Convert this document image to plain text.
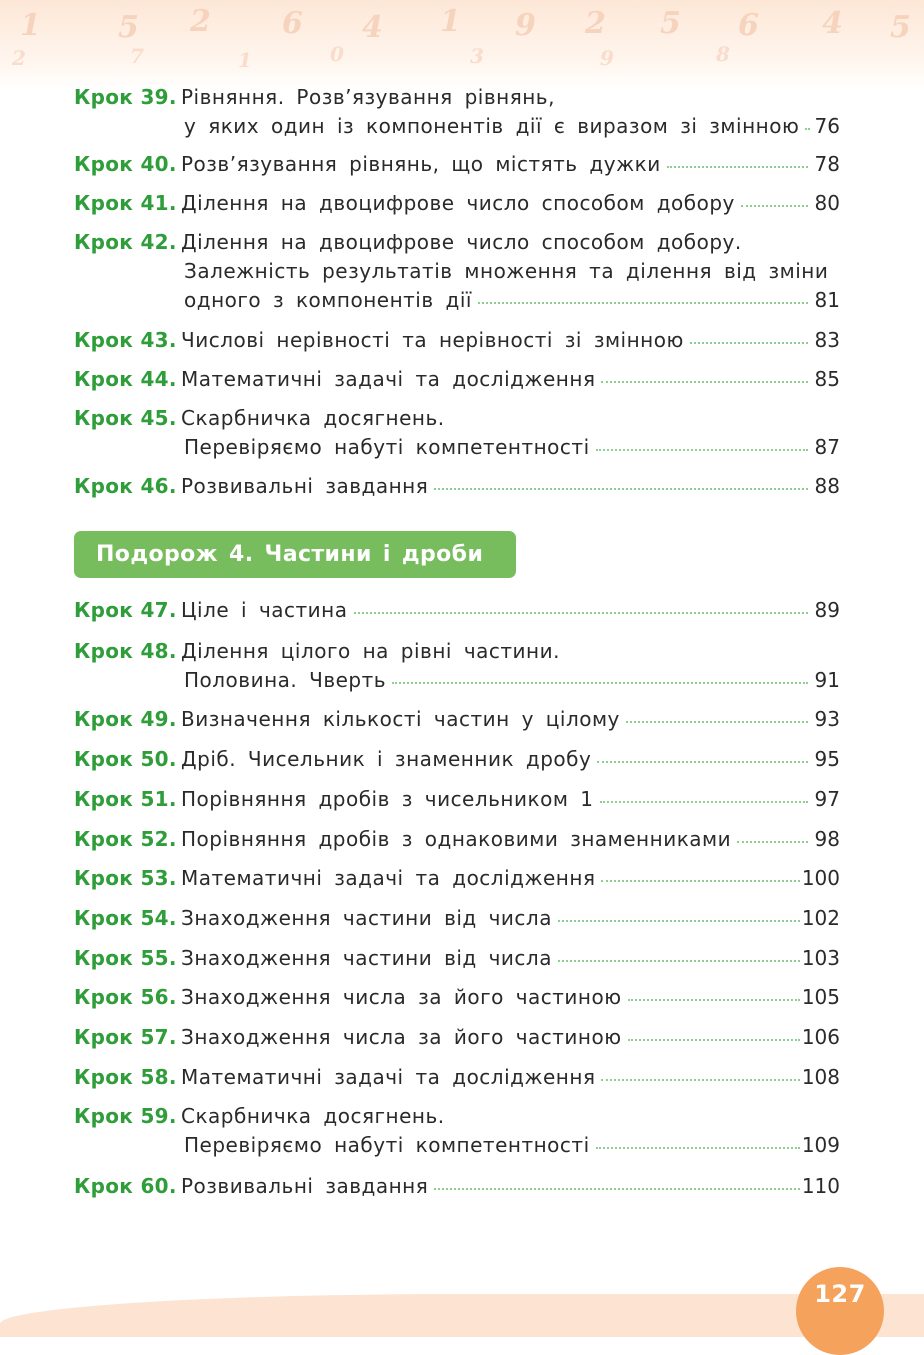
1	5 2 6 4 1 9 2 5 6 4 5
2	7	1	0	3	9	8
Крок 39. Рівняння. Розв’язування рівнянь,
у яких один із компонентів дії є виразом зі змінною 76
Крок 40. Розв’язування рівнянь, що містять дужки	78
Крок 41. Ділення на двоцифрове число способом добору	80
Крок 42. Ділення на двоцифрове число способом добору.
Залежність результатів множення та ділення від зміни
одного з компонентів дії	81
Крок 43. Числові нерівності та нерівності зі змінною	83
Крок 44. Математичні задачі та дослідження	85
Крок 45. Скарбничка досягнень.
Перевіряємо набуті компетентності	87
Крок 46. Розвивальні завдання	88
Крок 47. Ціле і частина	89
Крок 48. Ділення цілого на рівні частини.
Половина. Чверть	91
Крок 49. Визначення кількості частин у цілому	93
Крок 50. Дріб. Чисельник і знаменник дробу	95
Крок 51. Порівняння дробів з чисельником 1	97
Крок 52. Порівняння дробів з однаковими знаменниками	98
Крок 53. Математичні задачі та дослідження	100
Крок 54. Знаходження частини від числа	102
Крок 55. Знаходження частини від числа	103
Крок 56. Знаходження числа за його частиною	105
Крок 57. Знаходження числа за його частиною	106
Крок 58. Математичні задачі та дослідження	108
Крок 59. Скарбничка досягнень.
Перевіряємо набуті компетентності	109
Крок 60. Розвивальні завдання	110
Подорож 4. Частини і дроби
127
